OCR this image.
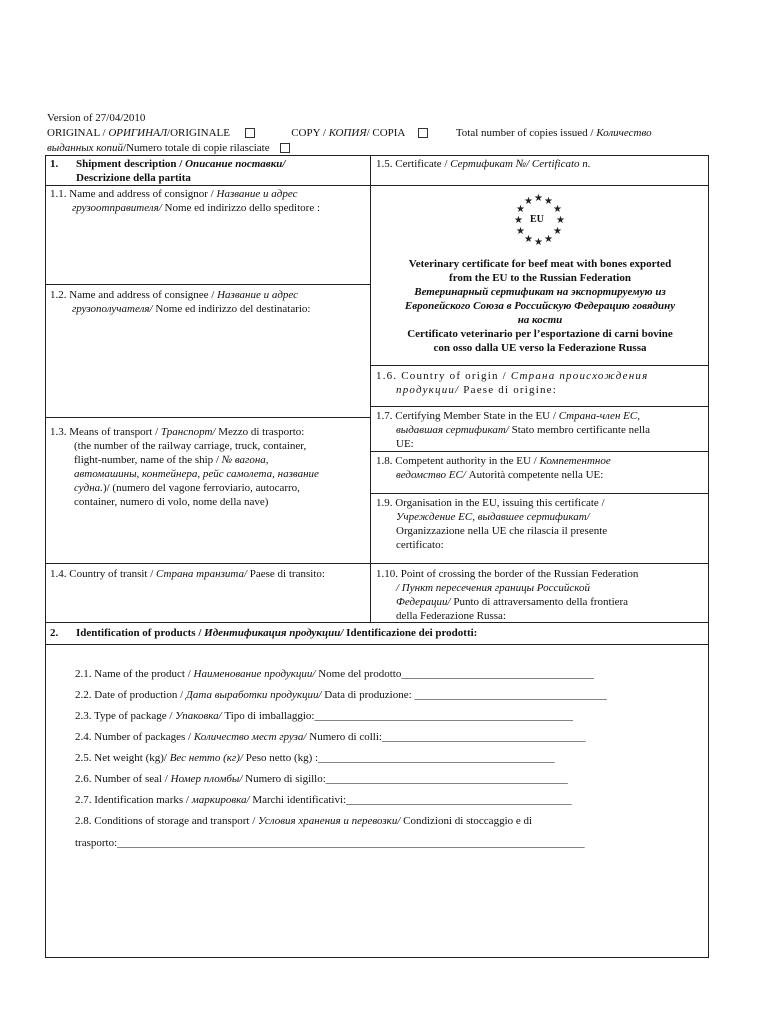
Version of 27/04/2010
ORIGINAL / ОРИГИНАЛ/ORIGINALE	COPY / КОПИЯ/ COPIA	Total number of copies issued / Количество
выданных копий/Numero totale di copie rilasciate
1. Shipment description / Описание поставки/
Descrizione della partita
1.5. Certificate / Сертификат №/ Certificato n.
1.1. Name and address of consignor / Название и адрес
грузоотправителя/ Nome ed indirizzo dello speditore :
★
★ ★
★	★
★	★
★	★
★ ★
★
EU
Veterinary certificate for beef meat with bones exported
from the EU to the Russian Federation
Ветеринарный сертификат на экспортируемую из
Европейского Союза в Российскую Федерацию говядину
на кости
Certificato veterinario per l’esportazione di carni bovine
con osso dalla UE verso la Federazione Russa
1.2. Name and address of consignee / Название и адрес
грузополучателя/ Nome ed indirizzo del destinatario:
1.6. Country of origin / Страна происхождения
продукции/ Paese di origine:
1.7. Certifying Member State in the EU / Страна-член ЕС,
выдавшая сертификат/ Stato membro certificante nella
UE:
1.3. Means of transport / Транспорт/ Mezzo di trasporto:
(the number of the railway carriage, truck, container,
flight-number, name of the ship / № вагона,
автомашины, контейнера, рейс самолета, название
судна.)/ (numero del vagone ferroviario, autocarro,
container, numero di volo, nome della nave)
1.8. Competent authority in the EU / Компетентное
ведомство ЕС/ Autorità competente nella UE:
1.9. Organisation in the EU, issuing this certificate /
Учреждение ЕС, выдавшее сертификат/
Organizzazione nella UE che rilascia il presente
certificato:
1.4. Country of transit / Страна транзита/ Paese di transito:	1.10. Point of crossing the border of the Russian Federation
/ Пункт пересечения границы Российской
Федерации/ Punto di attraversamento della frontiera
della Federazione Russa:
2. Identification of products / Идентификация продукции/ Identificazione dei prodotti:
2.1. Name of the product / Наименование продукции/ Nome del prodotto___________________________________
2.2. Date of production / Дата выработки продукции/ Data di produzione: ___________________________________
2.3. Type of package / Упаковка/ Tipo di imballaggio:_______________________________________________
2.4. Number of packages / Количество мест груза/ Numero di colli:_____________________________________
2.5. Net weight (kg)/ Вес нетто (кг)/ Peso netto (kg) :___________________________________________
2.6. Number of seal / Номер пломбы/ Numero di sigillo:____________________________________________
2.7. Identification marks / маркировка/ Marchi identificativi:_________________________________________
2.8. Conditions of storage and transport / Условия хранения и перевозки/ Condizioni di stoccaggio e di
trasporto:_____________________________________________________________________________________
